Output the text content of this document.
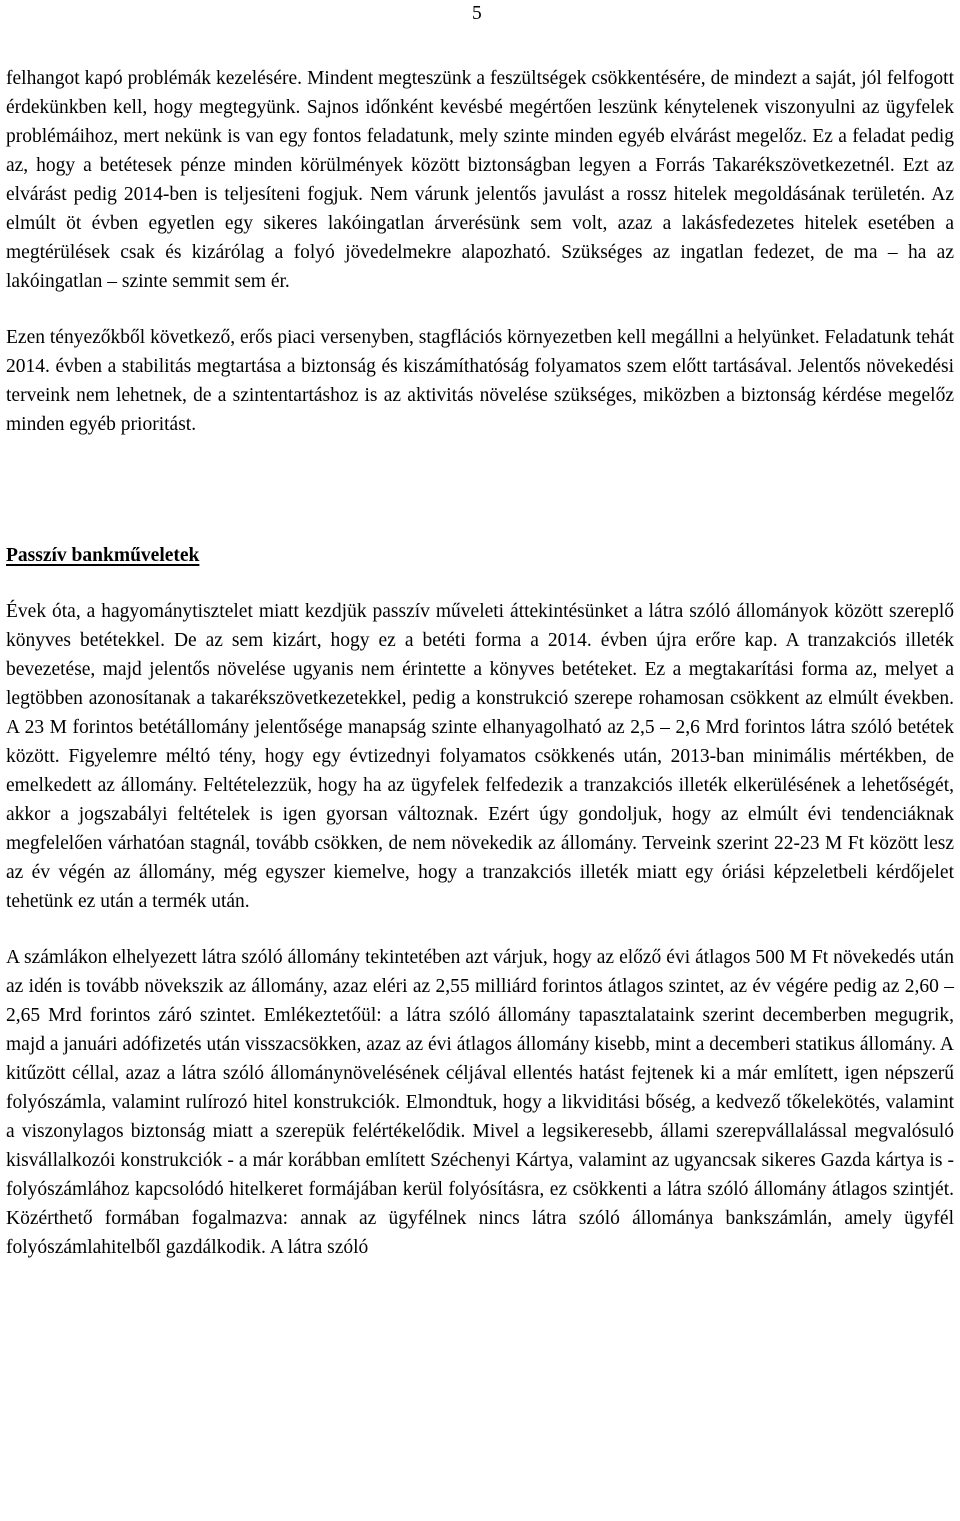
5

felhangot kapó problémák kezelésére. Mindent megteszünk a feszültségek csökkentésére, de mindezt a saját, jól felfogott érdekünkben kell, hogy megtegyünk. Sajnos időnként kevésbé megértően leszünk kénytelenek viszonyulni az ügyfelek problémáihoz, mert nekünk is van egy fontos feladatunk, mely szinte minden egyéb elvárást megelőz. Ez a feladat pedig az, hogy a betétesek pénze minden körülmények között biztonságban legyen a Forrás Takarékszövetkezetnél. Ezt az elvárást pedig 2014-ben is teljesíteni fogjuk. Nem várunk jelentős javulást a rossz hitelek megoldásának területén. Az elmúlt öt évben egyetlen egy sikeres lakóingatlan árverésünk sem volt, azaz a lakásfedezetes hitelek esetében a megtérülések csak és kizárólag a folyó jövedelmekre alapozható. Szükséges az ingatlan fedezet, de ma – ha az lakóingatlan – szinte semmit sem ér.

Ezen tényezőkből következő, erős piaci versenyben, stagflációs környezetben kell megállni a helyünket. Feladatunk tehát 2014. évben a stabilitás megtartása a biztonság és kiszámíthatóság folyamatos szem előtt tartásával. Jelentős növekedési terveink nem lehetnek, de a szintentartáshoz is az aktivitás növelése szükséges, miközben a biztonság kérdése megelőz minden egyéb prioritást.

Passzív bankműveletek

Évek óta, a hagyománytisztelet miatt kezdjük passzív műveleti áttekintésünket a látra szóló állományok között szereplő könyves betétekkel. De az sem kizárt, hogy ez a betéti forma a 2014. évben újra erőre kap. A tranzakciós illeték bevezetése, majd jelentős növelése ugyanis nem érintette a könyves betéteket. Ez a megtakarítási forma az, melyet a legtöbben azonosítanak a takarékszövetkezetekkel, pedig a konstrukció szerepe rohamosan csökkent az elmúlt években. A 23 M forintos betétállomány jelentősége manapság szinte elhanyagolható az 2,5 – 2,6 Mrd forintos látra szóló betétek között. Figyelemre méltó tény, hogy egy évtizednyi folyamatos csökkenés után, 2013-ban minimális mértékben, de emelkedett az állomány. Feltételezzük, hogy ha az ügyfelek felfedezik a tranzakciós illeték elkerülésének a lehetőségét, akkor a jogszabályi feltételek is igen gyorsan változnak. Ezért úgy gondoljuk, hogy az elmúlt évi tendenciáknak megfelelően várhatóan stagnál, tovább csökken, de nem növekedik az állomány. Terveink szerint 22-23 M Ft között lesz az év végén az állomány, még egyszer kiemelve, hogy a tranzakciós illeték miatt egy óriási képzeletbeli kérdőjelet tehetünk ez után a termék után.

A számlákon elhelyezett látra szóló állomány tekintetében azt várjuk, hogy az előző évi átlagos 500 M Ft növekedés után az idén is tovább növekszik az állomány, azaz eléri az 2,55 milliárd forintos átlagos szintet, az év végére pedig az 2,60 – 2,65 Mrd forintos záró szintet. Emlékeztetőül: a látra szóló állomány tapasztalataink szerint decemberben megugrik, majd a januári adófizetés után visszacsökken, azaz az évi átlagos állomány kisebb, mint a decemberi statikus állomány. A kitűzött céllal, azaz a látra szóló állománynövelésének céljával ellentés hatást fejtenek ki a már említett, igen népszerű folyószámla, valamint rulírozó hitel konstrukciók. Elmondtuk, hogy a likviditási bőség, a kedvező tőkelekötés, valamint a viszonylagos biztonság miatt a szerepük felértékelődik. Mivel a legsikeresebb, állami szerepvállalással megvalósuló kisvállalkozói konstrukciók - a már korábban említett Széchenyi Kártya, valamint az ugyancsak sikeres Gazda kártya is - folyószámlához kapcsolódó hitelkeret formájában kerül folyósításra, ez csökkenti a látra szóló állomány átlagos szintjét. Közérthető formában fogalmazva: annak az ügyfélnek nincs látra szóló állománya bankszámlán, amely ügyfél folyószámlahitelből gazdálkodik. A látra szóló
